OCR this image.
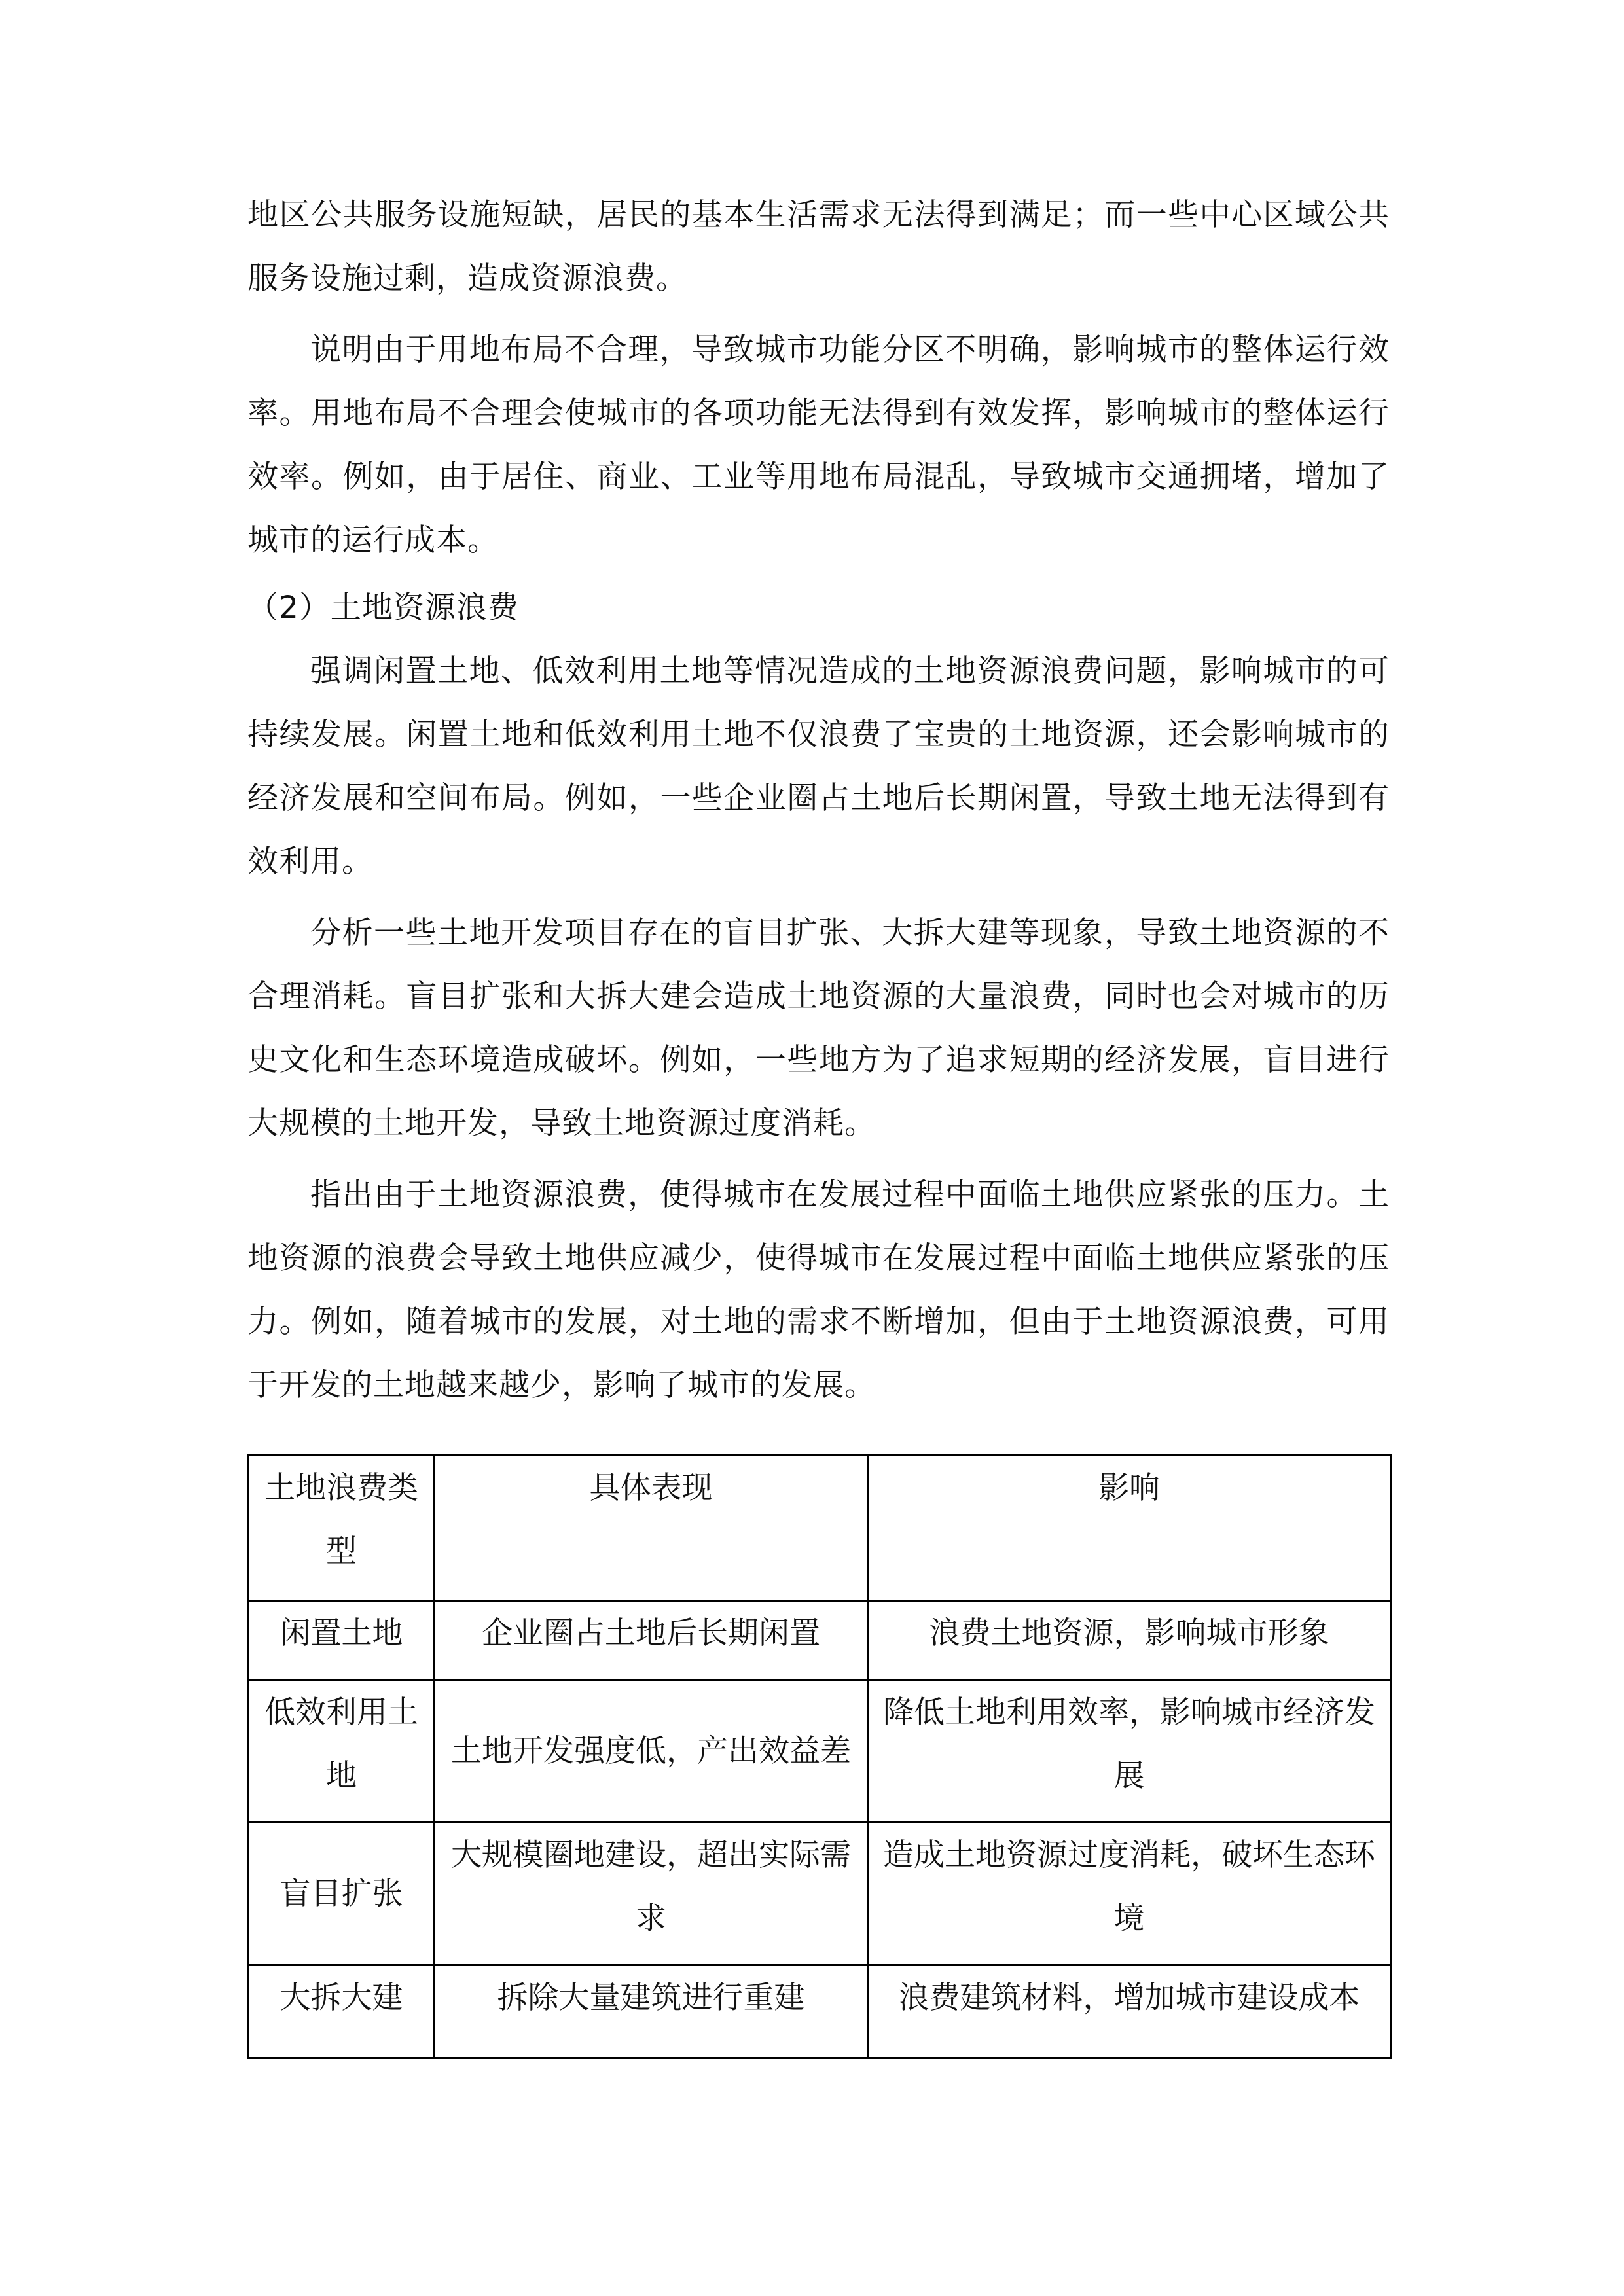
地区公共服务设施短缺，居民的基本生活需求无法得到满足；而一些中心区域公共服务设施过剩，造成资源浪费。

说明由于用地布局不合理，导致城市功能分区不明确，影响城市的整体运行效率。用地布局不合理会使城市的各项功能无法得到有效发挥，影响城市的整体运行效率。例如，由于居住、商业、工业等用地布局混乱，导致城市交通拥堵，增加了城市的运行成本。

（2）土地资源浪费

强调闲置土地、低效利用土地等情况造成的土地资源浪费问题，影响城市的可持续发展。闲置土地和低效利用土地不仅浪费了宝贵的土地资源，还会影响城市的经济发展和空间布局。例如，一些企业圈占土地后长期闲置，导致土地无法得到有效利用。

分析一些土地开发项目存在的盲目扩张、大拆大建等现象，导致土地资源的不合理消耗。盲目扩张和大拆大建会造成土地资源的大量浪费，同时也会对城市的历史文化和生态环境造成破坏。例如，一些地方为了追求短期的经济发展，盲目进行大规模的土地开发，导致土地资源过度消耗。

指出由于土地资源浪费，使得城市在发展过程中面临土地供应紧张的压力。土地资源的浪费会导致土地供应减少，使得城市在发展过程中面临土地供应紧张的压力。例如，随着城市的发展，对土地的需求不断增加，但由于土地资源浪费，可用于开发的土地越来越少，影响了城市的发展。

土地浪费类型	具体表现	影响
闲置土地	企业圈占土地后长期闲置	浪费土地资源，影响城市形象
低效利用土地	土地开发强度低，产出效益差	降低土地利用效率，影响城市经济发展
盲目扩张	大规模圈地建设，超出实际需求	造成土地资源过度消耗，破坏生态环境
大拆大建	拆除大量建筑进行重建	浪费建筑材料，增加城市建设成本
